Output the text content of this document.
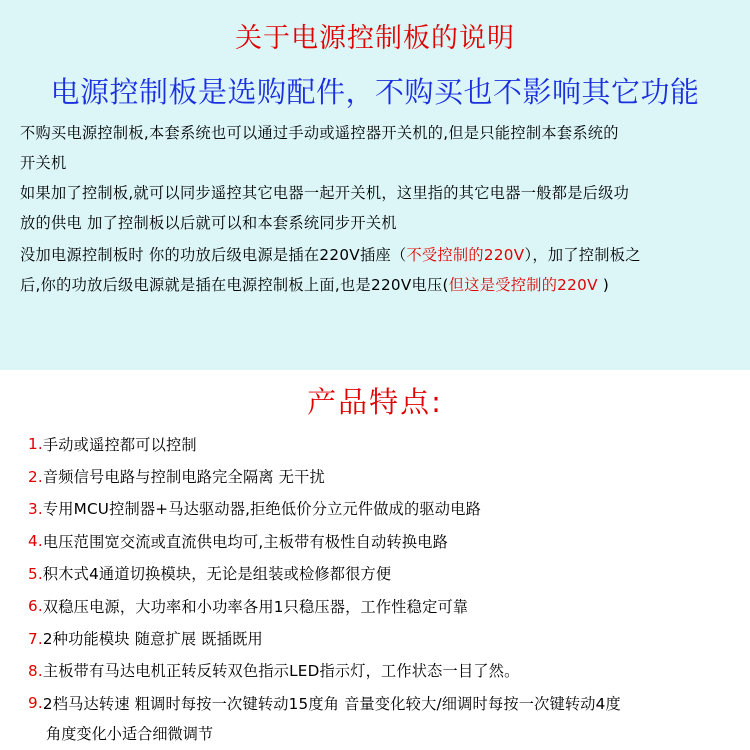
关于电源控制板的说明
电源控制板是选购配件，不购买也不影响其它功能
不购买电源控制板,本套系统也可以通过手动或遥控器开关机的,但是只能控制本套系统的
开关机
如果加了控制板,就可以同步遥控其它电器一起开关机，这里指的其它电器一般都是后级功
放的供电 加了控制板以后就可以和本套系统同步开关机
没加电源控制板时 你的功放后级电源是插在220V插座（不受控制的220V），加了控制板之
后,你的功放后级电源就是插在电源控制板上面,也是220V电压(但这是受控制的220V )
产品特点:
1 . 手动或遥控都可以控制
2 . 音频信号电路与控制电路完全隔离 无干扰
3 . 专用MCU控制器+马达驱动器,拒绝低价分立元件做成的驱动电路
4 . 电压范围宽交流或直流供电均可,主板带有极性自动转换电路
5 . 积木式4通道切换模块，无论是组装或检修都很方便
6 . 双稳压电源，大功率和小功率各用1只稳压器，工作性稳定可靠
7 . 2种功能模块 随意扩展 既插既用
8 . 主板带有马达电机正转反转双色指示LED指示灯，工作状态一目了然。
9 . 2档马达转速 粗调时每按一次键转动15度角 音量变化较大/细调时每按一次键转动4度
角度变化小适合细微调节
